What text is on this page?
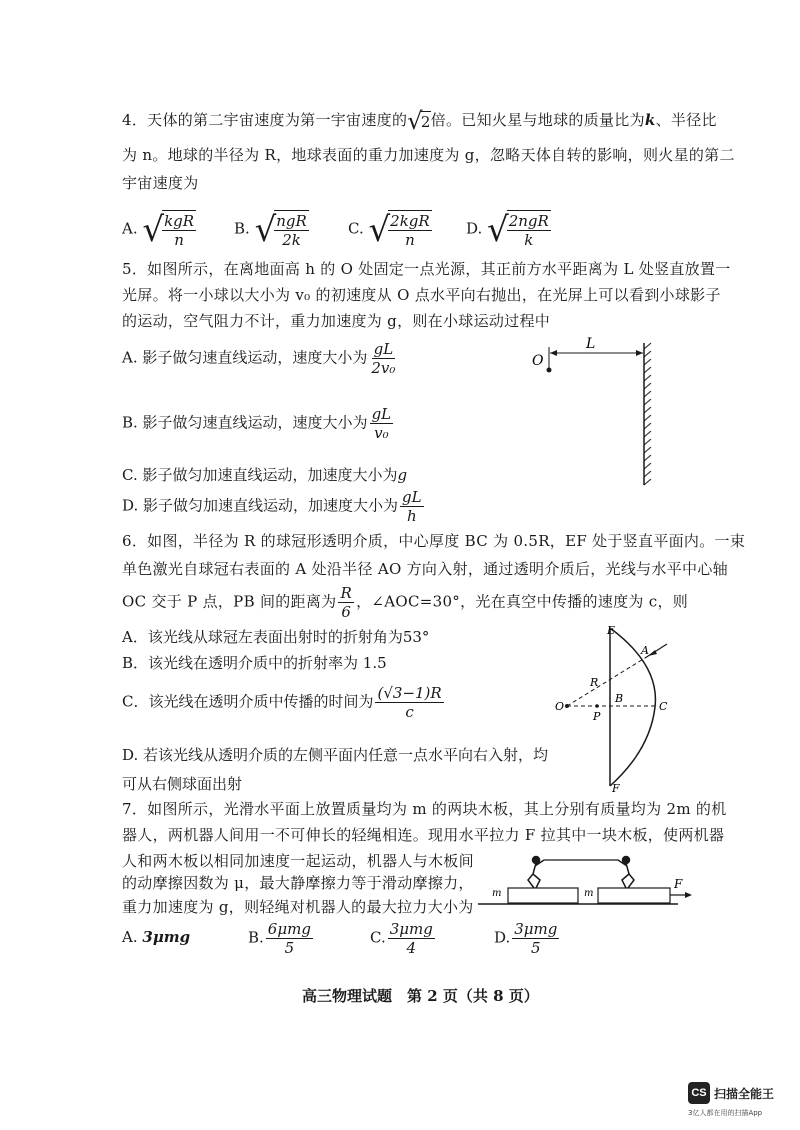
4．天体的第二宇宙速度为第一宇宙速度的 √
2 倍。已知火星与地球的质量比为k、半径比
为 n。地球的半径为 R，地球表面的重力加速度为 g，忽略天体自转的影响，则火星的第二
宇宙速度为
A. √
$\frac{\text{kgR}}{n}$	B. √
$\frac{\text{ngR}}{2k}$	C. √
$\frac{\text{2kgR}}{n} D$. √
$\frac{\text{2ngR}}{k}$
5．如图所示，在离地面高 h 的 O 处固定一点光源，其正前方水平距离为 L 处竖直放置一
光屏。将一小球以大小为 v₀ 的初速度从 O 点水平向右抛出，在光屏上可以看到小球影子
的运动，空气阻力不计，重力加速度为 g，则在小球运动过程中
A. 影子做匀速直线运动，速度大小为 $\frac{gL}{\text{2v₀}}$
B. 影子做匀速直线运动，速度大小为 $\frac{gL}{\text{v₀}}$
C. 影子做匀加速直线运动，加速度大小为g
D. 影子做匀加速直线运动，加速度大小为 $\frac{gL}{h}$
O
L
6．如图，半径为 R 的球冠形透明介质，中心厚度 BC 为 0.5R，EF 处于竖直平面内。一束
单色激光自球冠右表面的 A 处沿半径 AO 方向入射，通过透明介质后，光线与水平中心轴
OC 交于 P 点，PB 间的距离为 $\frac{R}{6}$ ，∠AOC=30°，光在真空中传播的速度为 c，则
A．该光线从球冠左表面出射时的折射角为53°
B．该光线在透明介质中的折射率为 1.5
C．该光线在透明介质中传播的时间为 $\frac{(√3-1)R}{c}$
D. 若该光线从透明介质的左侧平面内任意一点水平向右入射，均
可从右侧球面出射
E
A
R
O
P
B
C
F
7．如图所示，光滑水平面上放置质量均为 m 的两块木板，其上分别有质量均为 2m 的机
器人，两机器人间用一不可伸长的轻绳相连。现用水平拉力 F 拉其中一块木板，使两机器
人和两木板以相同加速度一起运动，机器人与木板间
的动摩擦因数为 μ，最大静摩擦力等于滑动摩擦力，
重力加速度为 g，则轻绳对机器人的最大拉力大小为
A. 3μmg	B. $\frac{\text{6μmg}}{5}$	C. $\frac{\text{3μmg}}{4}$	D. $\frac{\text{3μmg}}{5}$
m	m
F
高三物理试题　第 2 页（共 8 页）
CS 扫描全能王
3亿人都在用的扫描App
